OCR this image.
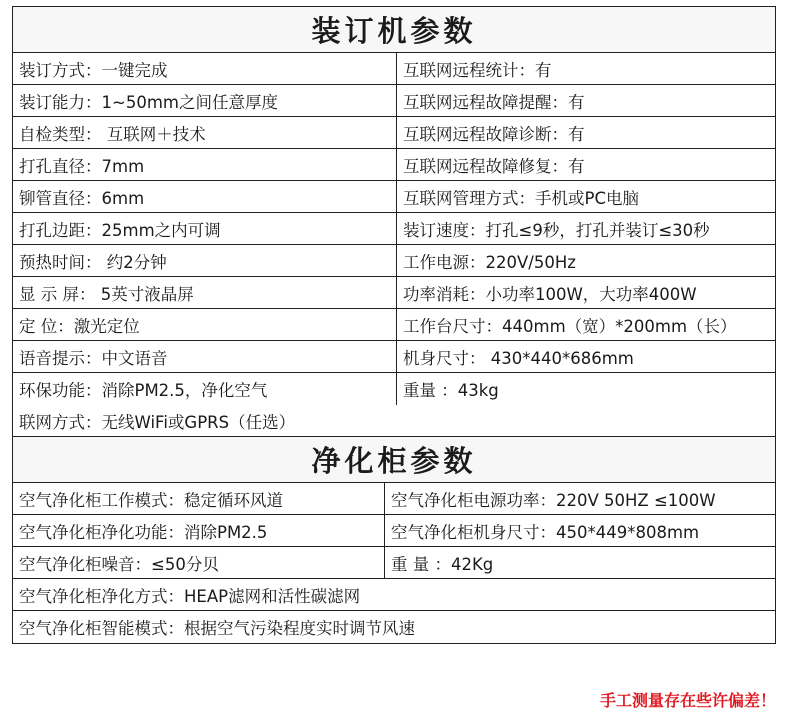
装订机参数
装订方式：一键完成	互联网远程统计：有
装订能力：1~50mm之间任意厚度	互联网远程故障提醒：有
自检类型： 互联网＋技术	互联网远程故障诊断：有
打孔直径：7mm	互联网远程故障修复：有
铆管直径：6mm	互联网管理方式：手机或PC电脑
打孔边距：25mm之内可调	装订速度：打孔≤9秒，打孔并装订≤30秒
预热时间： 约2分钟	工作电源：220V/50Hz
显 示 屏： 5英寸液晶屏	功率消耗：小功率100W，大功率400W
定 位：激光定位	工作台尺寸：440mm（宽）*200mm（长）
语音提示：中文语音	机身尺寸： 430*440*686mm
环保功能：消除PM2.5，净化空气	重量 ：43kg
联网方式：无线WiFi或GPRS（任选）
净化柜参数
空气净化柜工作模式：稳定循环风道	空气净化柜电源功率：220V 50HZ ≤100W
空气净化柜净化功能：消除PM2.5	空气净化柜机身尺寸：450*449*808mm
空气净化柜噪音：≤50分贝	重 量 ：42Kg
空气净化柜净化方式：HEAP滤网和活性碳滤网
空气净化柜智能模式：根据空气污染程度实时调节风速
手工测量存在些许偏差！
